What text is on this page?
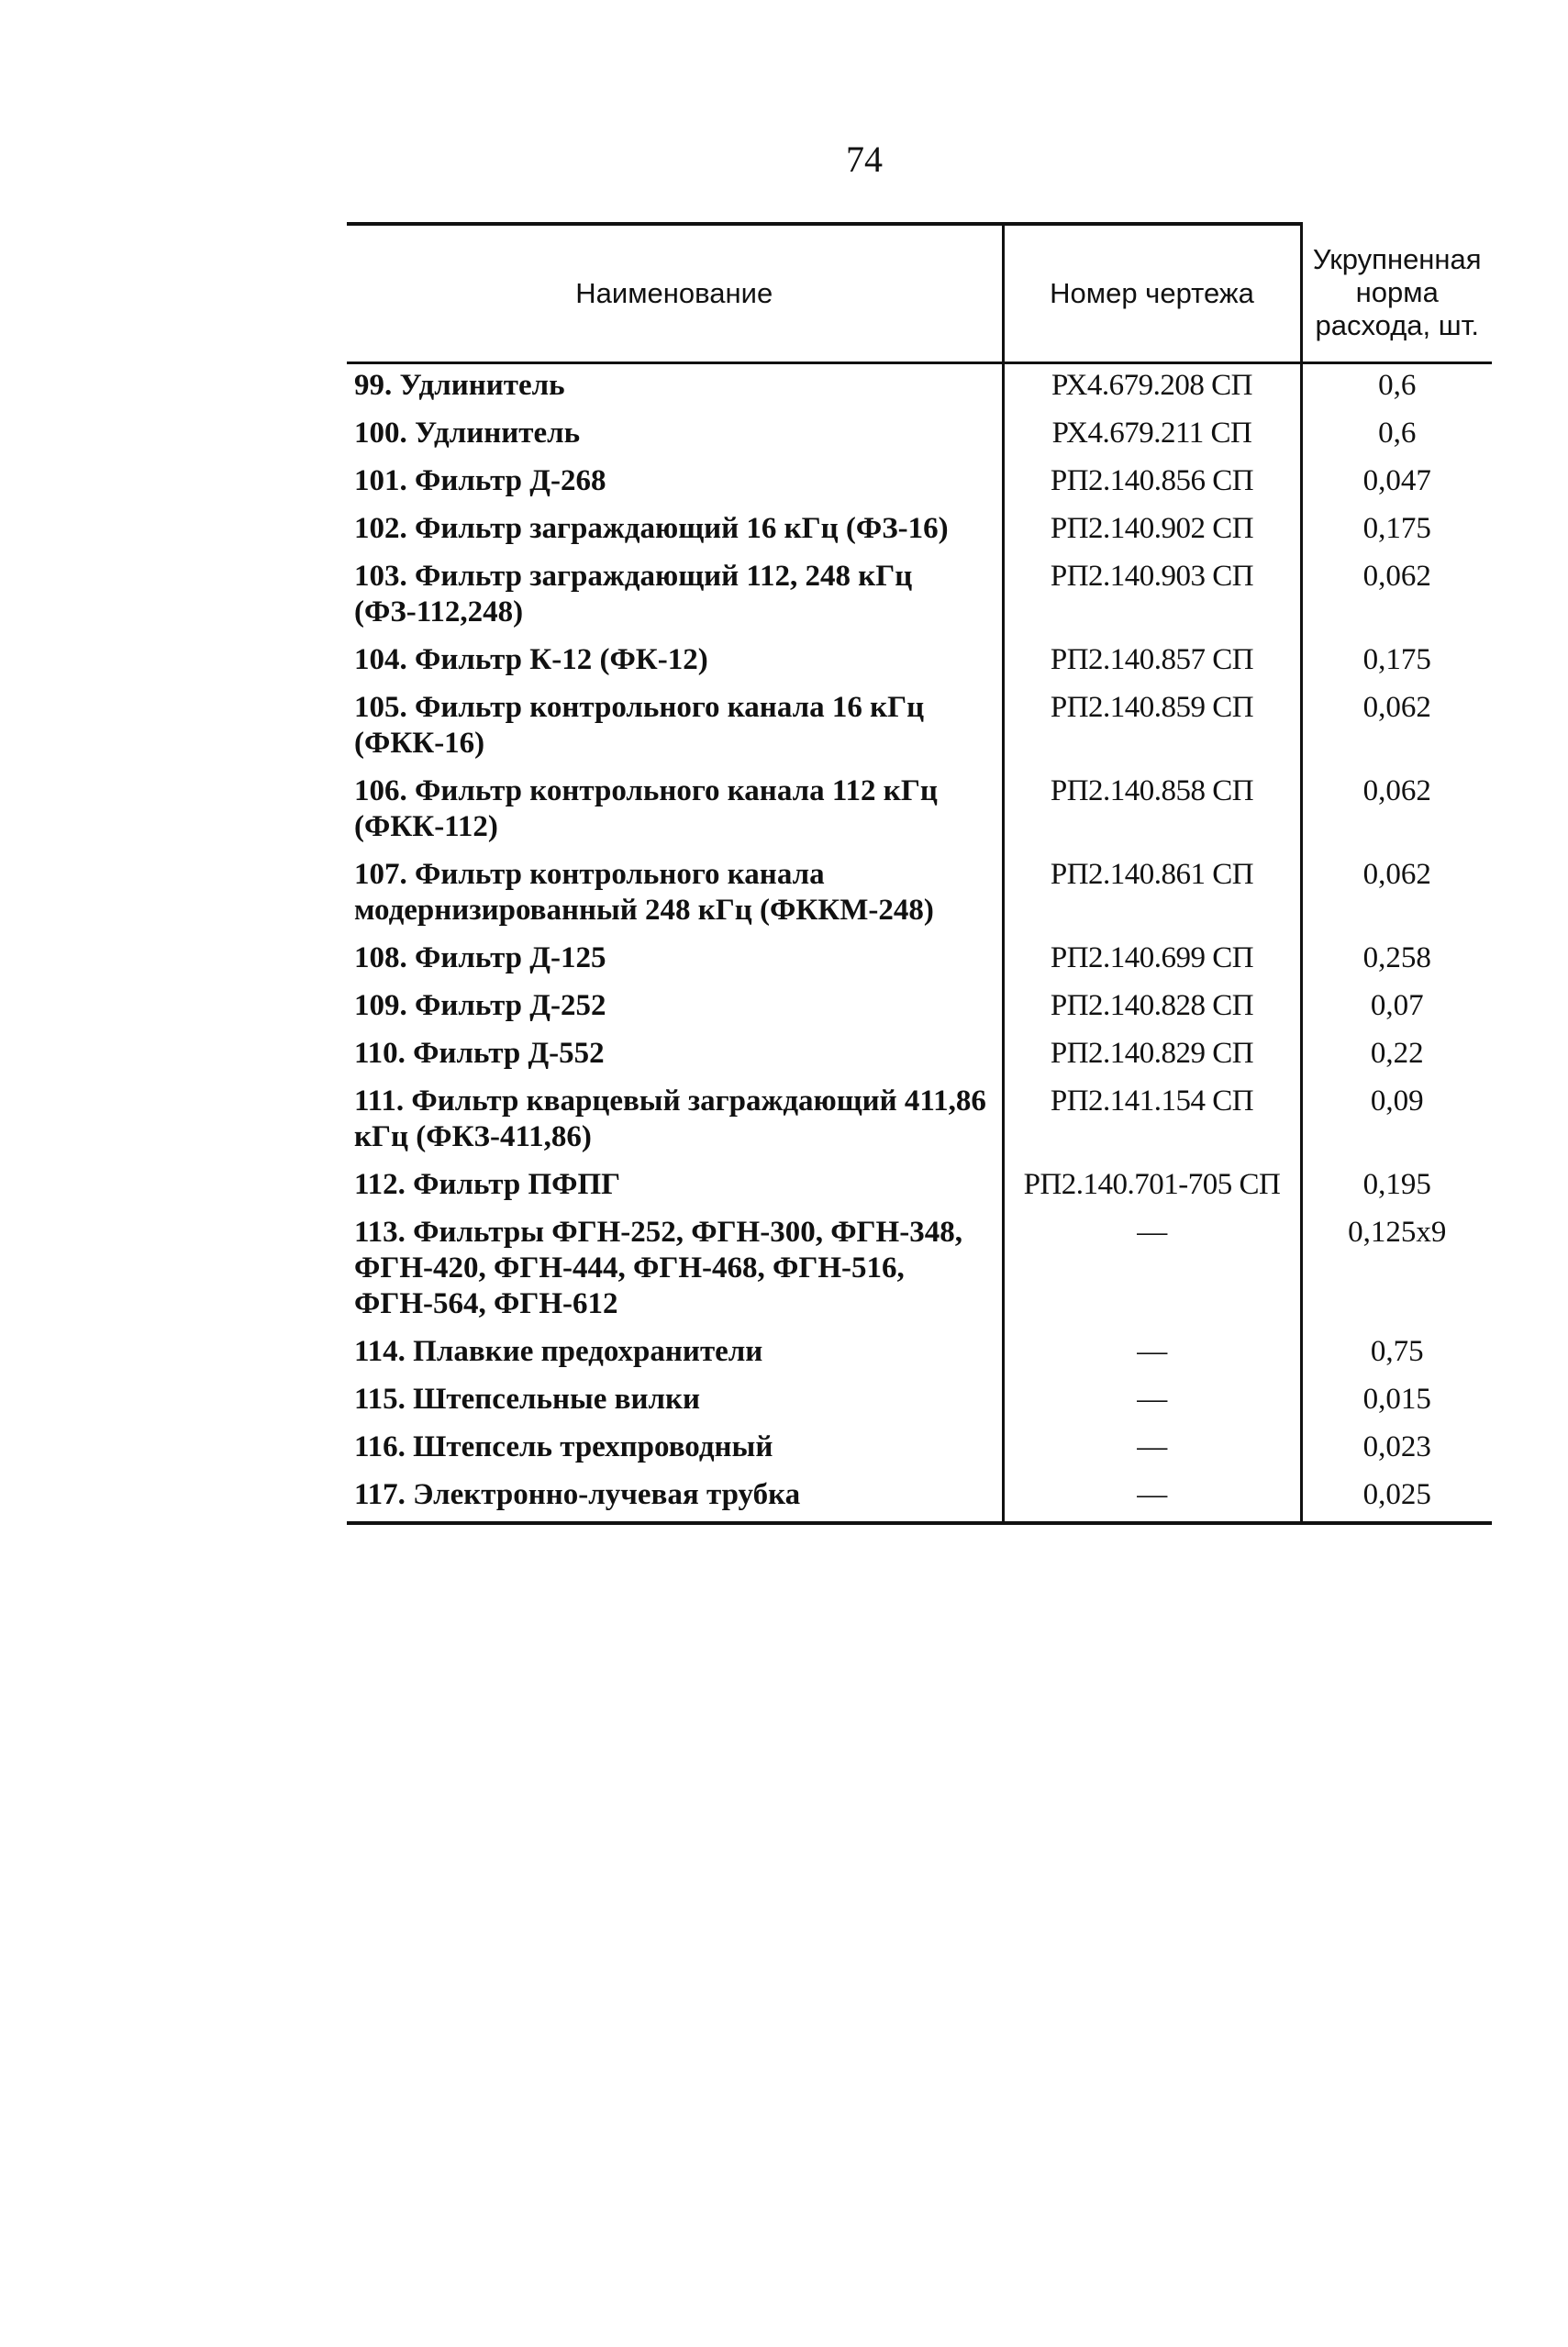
74
Наименование	Номер чертежа	Укрупненная норма расхода, шт.
99. Удлинитель	РХ4.679.208 СП	0,6
100. Удлинитель	РХ4.679.211 СП	0,6
101. Фильтр Д-268	РП2.140.856 СП	0,047
102. Фильтр заграждающий 16 кГц (ФЗ-16)	РП2.140.902 СП	0,175
103. Фильтр заграждающий 112, 248 кГц (ФЗ-112,248)	РП2.140.903 СП	0,062
104. Фильтр К-12 (ФК-12)	РП2.140.857 СП	0,175
105. Фильтр контрольного канала 16 кГц (ФКК-16)	РП2.140.859 СП	0,062
106. Фильтр контрольного канала 112 кГц (ФКК-112)	РП2.140.858 СП	0,062
107. Фильтр контрольного канала модернизированный 248 кГц (ФККМ-248)	РП2.140.861 СП	0,062
108. Фильтр Д-125	РП2.140.699 СП	0,258
109. Фильтр Д-252	РП2.140.828 СП	0,07
110. Фильтр Д-552	РП2.140.829 СП	0,22
111. Фильтр кварцевый заграждающий 411,86 кГц (ФКЗ-411,86)	РП2.141.154 СП	0,09
112. Фильтр ПФПГ	РП2.140.701-705 СП	0,195
113. Фильтры ФГН-252, ФГН-300, ФГН-348, ФГН-420, ФГН-444, ФГН-468, ФГН-516, ФГН-564, ФГН-612	—	0,125х9
114. Плавкие предохранители	—	0,75
115. Штепсельные вилки	—	0,015
116. Штепсель трехпроводный	—	0,023
117. Электронно-лучевая трубка	—	0,025
